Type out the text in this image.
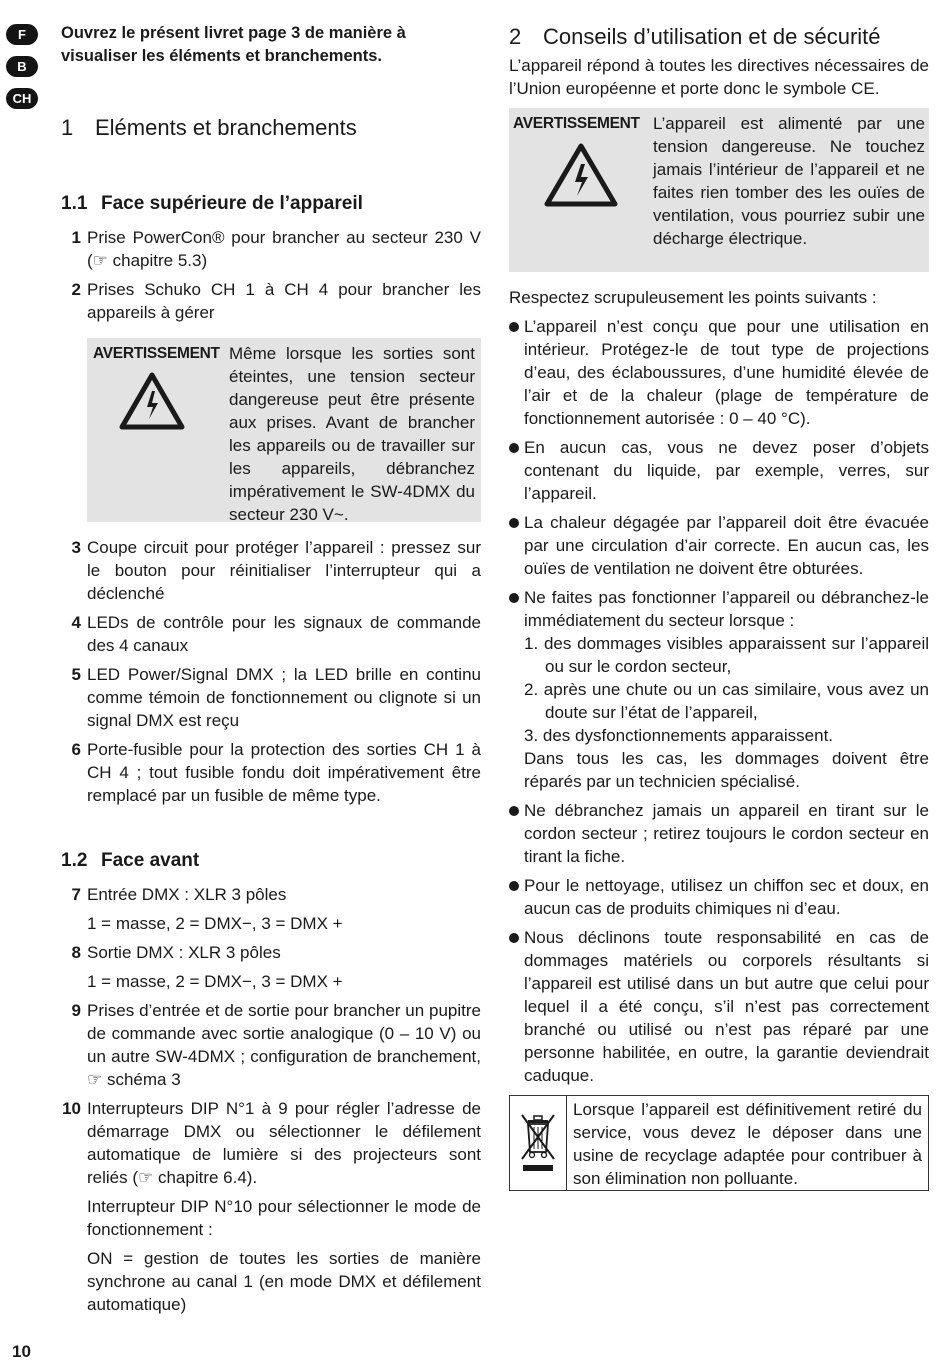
F
B
CH
Ouvrez le présent livret page 3 de manière à visualiser les éléments et branchements.
1 Eléments et branchements
1.1 Face supérieure de l’appareil
1 Prise PowerCon® pour brancher au secteur 230 V (☞ chapitre 5.3)

2 Prises Schuko CH 1 à CH 4 pour brancher les appareils à gérer

AVERTISSEMENT Même lorsque les sorties sont éteintes, une tension secteur dangereuse peut être présente aux prises. Avant de brancher les appareils ou de travailler sur les appareils, débranchez impérativement le SW-4DMX du secteur 230 V~.
3 Coupe circuit pour protéger l’appareil : pressez sur le bouton pour réinitialiser l’interrupteur qui a déclenché

4 LEDs de contrôle pour les signaux de commande des 4 canaux

5 LED Power/Signal DMX ; la LED brille en continu comme témoin de fonctionnement ou clignote si un signal DMX est reçu

6 Porte-fusible pour la protection des sorties CH 1 à CH 4 ; tout fusible fondu doit impérativement être remplacé par un fusible de même type.

1.2 Face avant
7 Entrée DMX : XLR 3 pôles

1 = masse, 2 = DMX−, 3 = DMX +

8 Sortie DMX : XLR 3 pôles

1 = masse, 2 = DMX−, 3 = DMX +

9 Prises d’entrée et de sortie pour brancher un pupitre de commande avec sortie analogique (0 – 10 V) ou un autre SW-4DMX ; configuration de branchement, ☞ schéma 3

10 Interrupteurs DIP N°1 à 9 pour régler l’adresse de démarrage DMX ou sélectionner le défilement automatique de lumière si des projecteurs sont reliés (☞ chapitre 6.4).

Interrupteur DIP N°10 pour sélectionner le mode de fonctionnement :

ON = gestion de toutes les sorties de manière synchrone au canal 1 (en mode DMX et défilement automatique)

2 Conseils d’utilisation et de sécurité
L’appareil répond à toutes les directives nécessaires de l’Union européenne et porte donc le symbole CE.
AVERTISSEMENT L’appareil est alimenté par une tension dangereuse. Ne touchez jamais l’intérieur de l’appareil et ne faites rien tomber des les ouïes de ventilation, vous pourriez subir une décharge électrique.
Respectez scrupuleusement les points suivants :
L’appareil n’est conçu que pour une utilisation en intérieur. Protégez-le de tout type de projections d’eau, des éclaboussures, d’une humidité élevée de l’air et de la chaleur (plage de température de fonctionnement autorisée : 0 – 40 °C).
En aucun cas, vous ne devez poser d’objets contenant du liquide, par exemple, verres, sur l’appareil.
La chaleur dégagée par l’appareil doit être évacuée par une circulation d’air correcte. En aucun cas, les ouïes de ventilation ne doivent être obturées.
Ne faites pas fonctionner l’appareil ou débranchez-le immédiatement du secteur lorsque :
1. des dommages visibles apparaissent sur l’appareil ou sur le cordon secteur,
2. après une chute ou un cas similaire, vous avez un doute sur l’état de l’appareil,
3. des dysfonctionnements apparaissent.
Dans tous les cas, les dommages doivent être réparés par un technicien spécialisé.
Ne débranchez jamais un appareil en tirant sur le cordon secteur ; retirez toujours le cordon secteur en tirant la fiche.
Pour le nettoyage, utilisez un chiffon sec et doux, en aucun cas de produits chimiques ni d’eau.
Nous déclinons toute responsabilité en cas de dommages matériels ou corporels résultants si l’appareil est utilisé dans un but autre que celui pour lequel il a été conçu, s’il n’est pas correctement branché ou utilisé ou n’est pas réparé par une personne habilitée, en outre, la garantie deviendrait caduque.
Lorsque l’appareil est définitivement retiré du service, vous devez le déposer dans une usine de recyclage adaptée pour contribuer à son élimination non polluante.
10
